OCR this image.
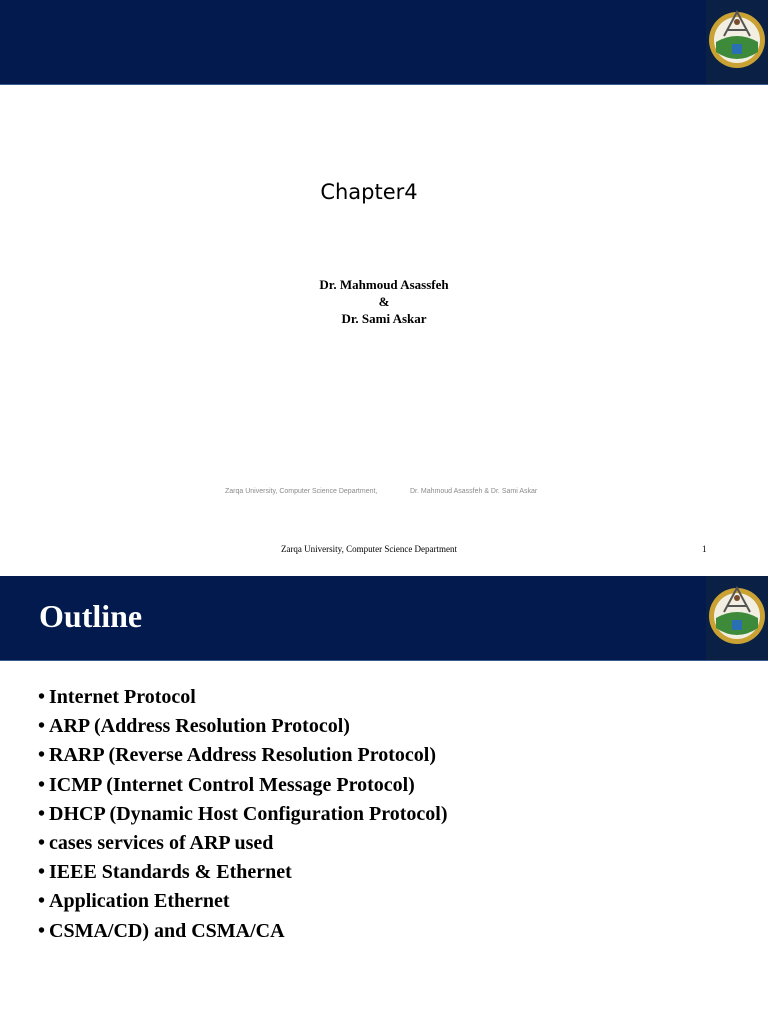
Chapter4
Dr. Mahmoud Asassfeh
&
Dr. Sami Askar
Zarqa University, Computer Science Department,	Dr. Mahmoud Asassfeh & Dr. Sami Askar
Zarqa University, Computer Science Department	1
Outline
• Internet Protocol
• ARP (Address Resolution Protocol)
• RARP (Reverse Address Resolution Protocol)
• ICMP (Internet Control Message Protocol)
• DHCP (Dynamic Host Configuration Protocol)
• cases services of ARP used
• IEEE Standards & Ethernet
• Application Ethernet
• CSMA/CD) and CSMA/CA
